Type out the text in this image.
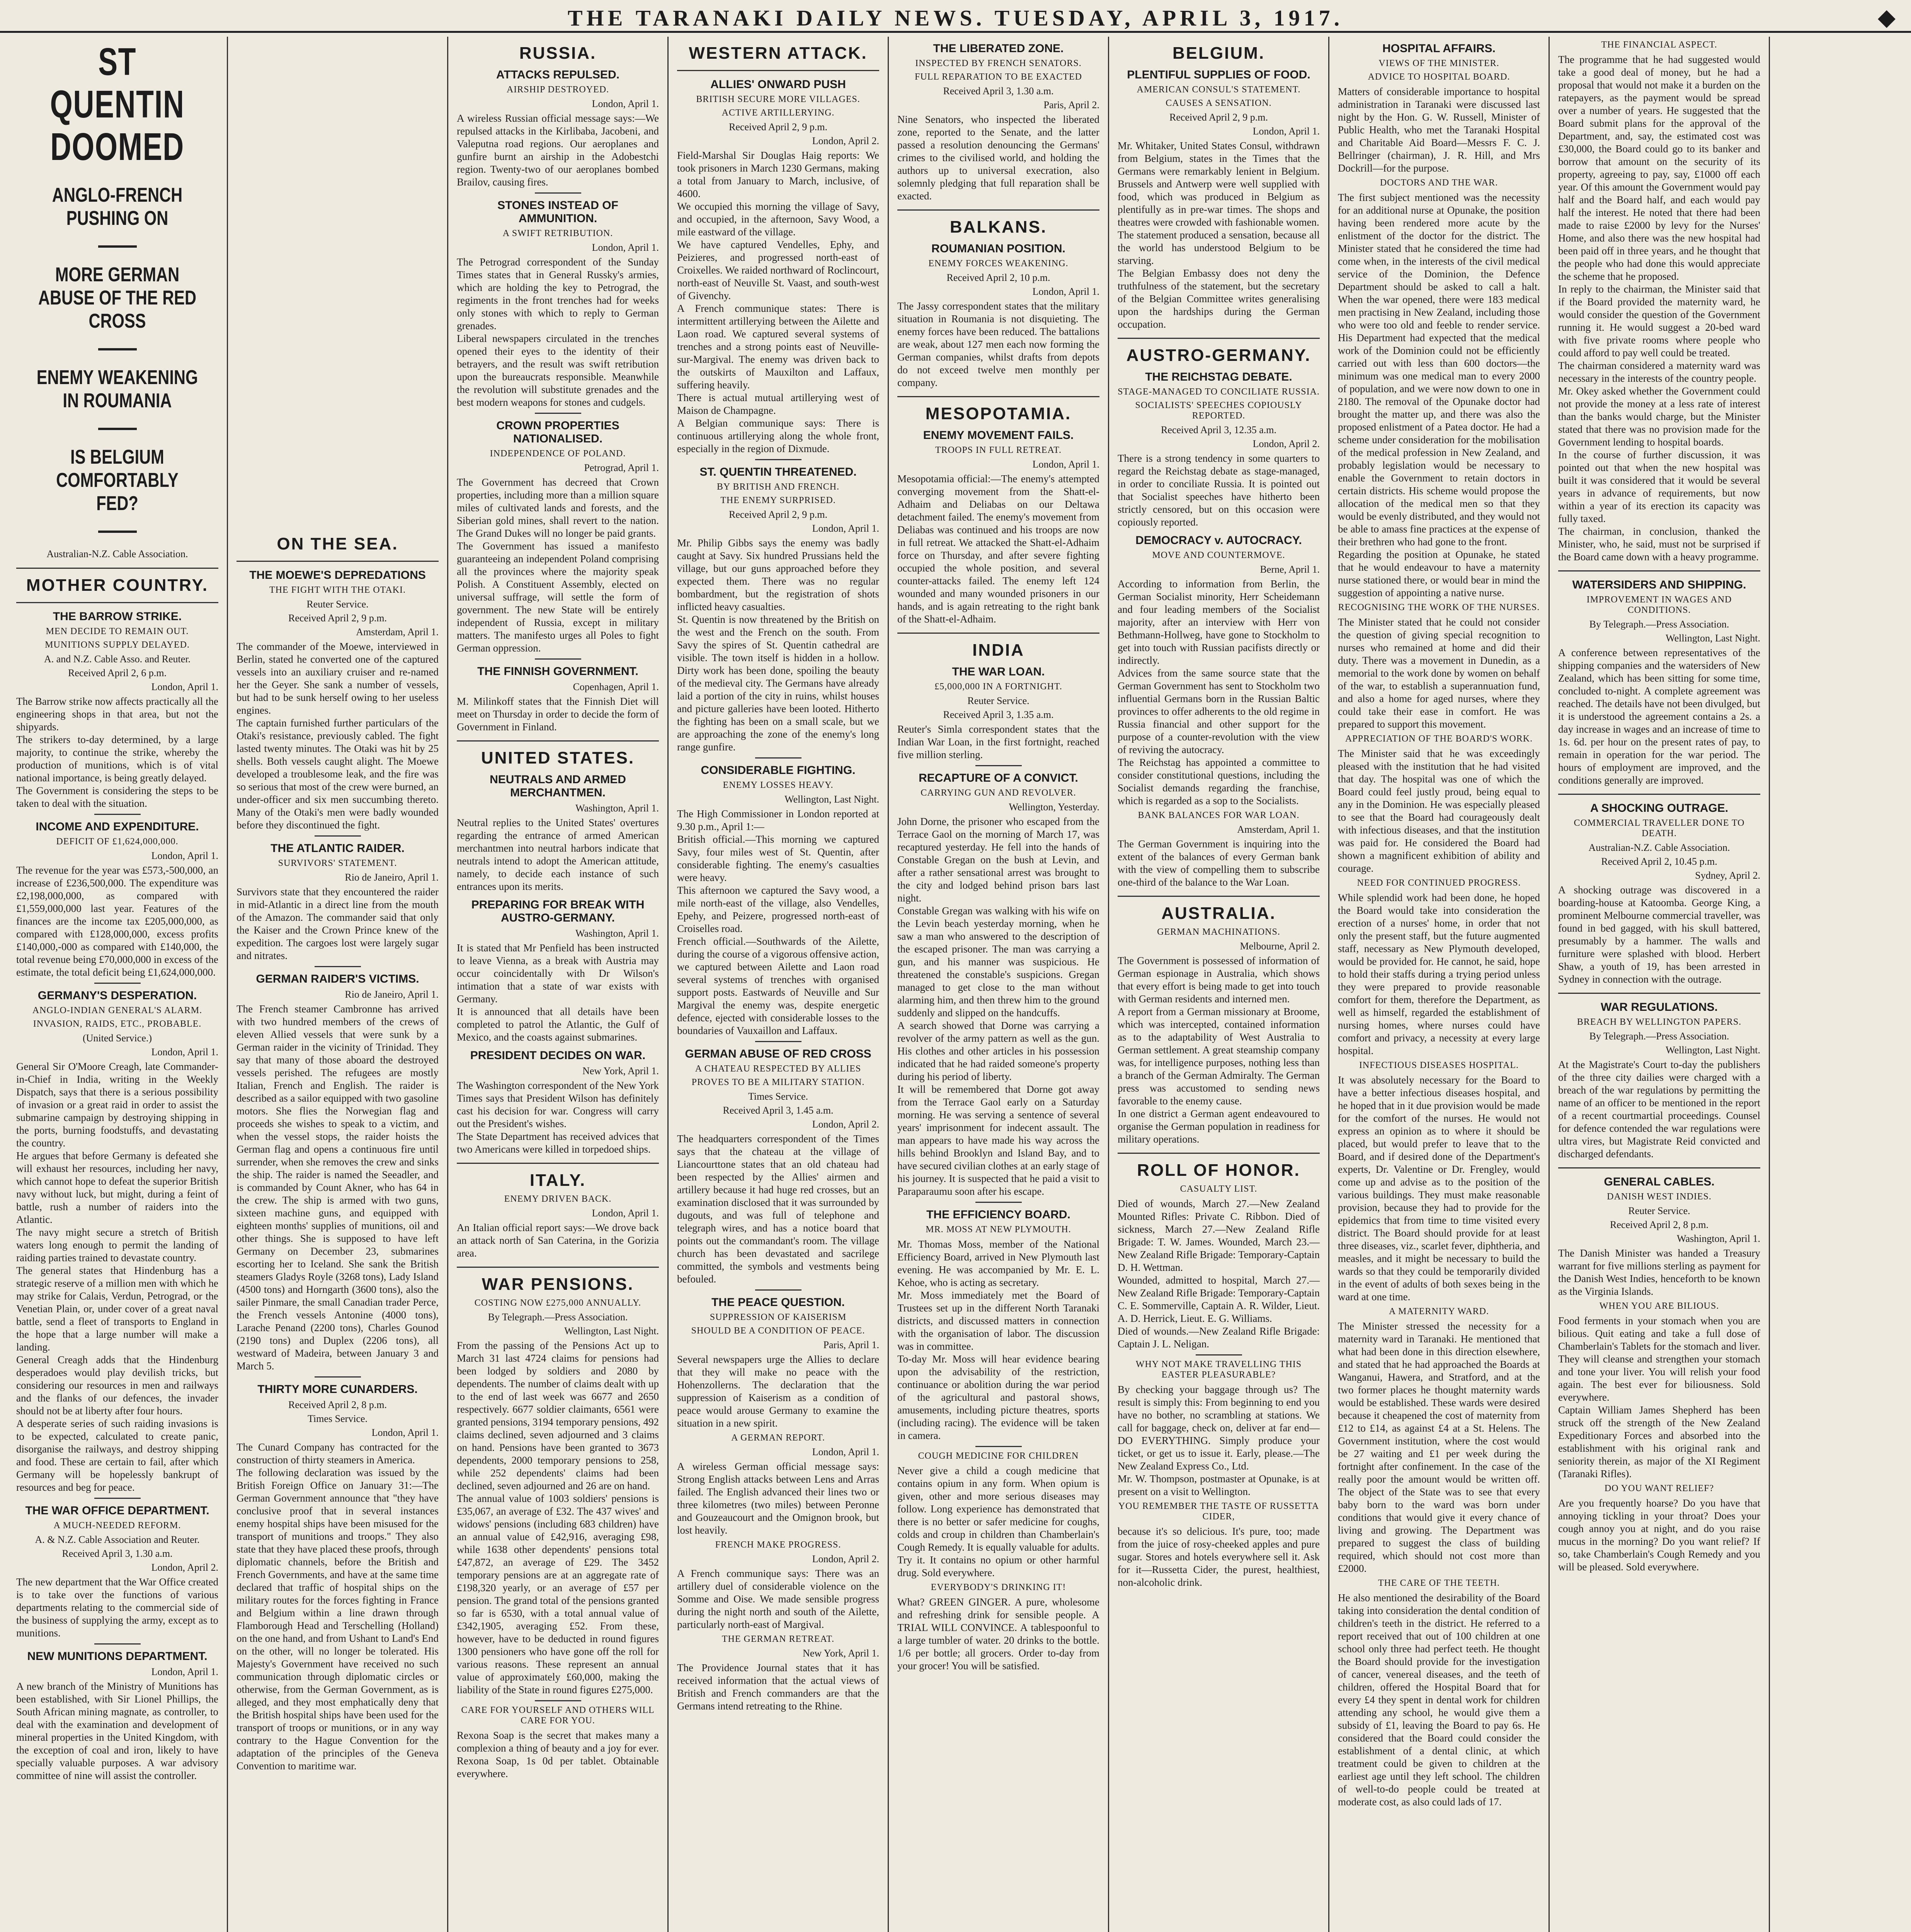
THE TARANAKI DAILY NEWS. TUESDAY, APRIL 3, 1917.	◆
ST QUENTIN DOOMED
ANGLO-FRENCH PUSHING ON
MORE GERMAN ABUSE OF THE RED CROSS
ENEMY WEAKENING IN ROUMANIA
IS BELGIUM COMFORTABLY FED?
Australian-N.Z. Cable Association.
MOTHER COUNTRY.
THE BARROW STRIKE.
MEN DECIDE TO REMAIN OUT.
MUNITIONS SUPPLY DELAYED.
A. and N.Z. Cable Asso. and Reuter.
Received April 2, 6 p.m.
London, April 1.

The Barrow strike now affects practically all the engineering shops in that area, but not the shipyards.
The strikers to-day determined, by a large majority, to continue the strike, whereby the production of munitions, which is of vital national importance, is being greatly delayed.
The Government is considering the steps to be taken to deal with the situation.

INCOME AND EXPENDITURE.
DEFICIT OF £1,624,000,000.
London, April 1.

The revenue for the year was £573,-500,000, an increase of £236,500,000. The expenditure was £2,198,000,000, as compared with £1,559,000,000 last year. Features of the finances are the income tax £205,000,000, as compared with £128,000,000, excess profits £140,000,-000 as compared with £140,000, the total revenue being £70,000,000 in excess of the estimate, the total deficit being £1,624,000,000.

GERMANY'S DESPERATION.
ANGLO-INDIAN GENERAL'S ALARM.
INVASION, RAIDS, ETC., PROBABLE.
(United Service.)
London, April 1.

General Sir O'Moore Creagh, late Commander-in-Chief in India, writing in the Weekly Dispatch, says that there is a serious possibility of invasion or a great raid in order to assist the submarine campaign by destroying shipping in the ports, burning foodstuffs, and devastating the country.
He argues that before Germany is defeated she will exhaust her resources, including her navy, which cannot hope to defeat the superior British navy without luck, but might, during a feint of battle, rush a number of raiders into the Atlantic.
The navy might secure a stretch of British waters long enough to permit the landing of raiding parties trained to devastate country.
The general states that Hindenburg has a strategic reserve of a million men with which he may strike for Calais, Verdun, Petrograd, or the Venetian Plain, or, under cover of a great naval battle, send a fleet of transports to England in the hope that a large number will make a landing.
General Creagh adds that the Hindenburg desperadoes would play devilish tricks, but considering our resources in men and railways and the flanks of our defences, the invader should not be at liberty after four hours.
A desperate series of such raiding invasions is to be expected, calculated to create panic, disorganise the railways, and destroy shipping and food. These are certain to fail, after which Germany will be hopelessly bankrupt of resources and beg for peace.

THE WAR OFFICE DEPARTMENT.
A MUCH-NEEDED REFORM.
A. & N.Z. Cable Association and Reuter.
Received April 3, 1.30 a.m.
London, April 2.

The new department that the War Office created is to take over the functions of various departments relating to the commercial side of the business of supplying the army, except as to munitions.

NEW MUNITIONS DEPARTMENT.
London, April 1.

A new branch of the Ministry of Munitions has been established, with Sir Lionel Phillips, the South African mining magnate, as controller, to deal with the examination and development of mineral properties in the United Kingdom, with the exception of coal and iron, likely to have specially valuable purposes. A war advisory committee of nine will assist the controller.

ON THE SEA.
THE MOEWE'S DEPREDATIONS
THE FIGHT WITH THE OTAKI.
Reuter Service.
Received April 2, 9 p.m.
Amsterdam, April 1.

The commander of the Moewe, interviewed in Berlin, stated he converted one of the captured vessels into an auxiliary cruiser and re-named her the Geyer. She sank a number of vessels, but had to be sunk herself owing to her useless engines.
The captain furnished further particulars of the Otaki's resistance, previously cabled. The fight lasted twenty minutes. The Otaki was hit by 25 shells. Both vessels caught alight. The Moewe developed a troublesome leak, and the fire was so serious that most of the crew were burned, an under-officer and six men succumbing thereto. Many of the Otaki's men were badly wounded before they discontinued the fight.

THE ATLANTIC RAIDER.
SURVIVORS' STATEMENT.
Rio de Janeiro, April 1.

Survivors state that they encountered the raider in mid-Atlantic in a direct line from the mouth of the Amazon. The commander said that only the Kaiser and the Crown Prince knew of the expedition. The cargoes lost were largely sugar and nitrates.

GERMAN RAIDER'S VICTIMS.
Rio de Janeiro, April 1.

The French steamer Cambronne has arrived with two hundred members of the crews of eleven Allied vessels that were sunk by a German raider in the vicinity of Trinidad. They say that many of those aboard the destroyed vessels perished. The refugees are mostly Italian, French and English. The raider is described as a sailor equipped with two gasoline motors. She flies the Norwegian flag and proceeds she wishes to speak to a victim, and when the vessel stops, the raider hoists the German flag and opens a continuous fire until surrender, when she removes the crew and sinks the ship. The raider is named the Seeadler, and is commanded by Count Akner, who has 64 in the crew. The ship is armed with two guns, sixteen machine guns, and equipped with eighteen months' supplies of munitions, oil and other things. She is supposed to have left Germany on December 23, submarines escorting her to Iceland. She sank the British steamers Gladys Royle (3268 tons), Lady Island (4500 tons) and Horngarth (3600 tons), also the sailer Pinmare, the small Canadian trader Perce, the French vessels Antonine (4000 tons), Larache Penand (2200 tons), Charles Gounod (2190 tons) and Duplex (2206 tons), all westward of Madeira, between January 3 and March 5.

THIRTY MORE CUNARDERS.
Received April 2, 8 p.m.
Times Service.
London, April 1.

The Cunard Company has contracted for the construction of thirty steamers in America.
The following declaration was issued by the British Foreign Office on January 31:—The German Government announce that "they have conclusive proof that in several instances enemy hospital ships have been misused for the transport of munitions and troops." They also state that they have placed these proofs, through diplomatic channels, before the British and French Governments, and have at the same time declared that traffic of hospital ships on the military routes for the forces fighting in France and Belgium within a line drawn through Flamborough Head and Terschelling (Holland) on the one hand, and from Ushant to Land's End on the other, will no longer be tolerated. His Majesty's Government have received no such communication through diplomatic circles or otherwise, from the German Government, as is alleged, and they most emphatically deny that the British hospital ships have been used for the transport of troops or munitions, or in any way contrary to the Hague Convention for the adaptation of the principles of the Geneva Convention to maritime war.

RUSSIA.
ATTACKS REPULSED.
AIRSHIP DESTROYED.
London, April 1.

A wireless Russian official message says:—We repulsed attacks in the Kirlibaba, Jacobeni, and Valeputna road regions. Our aeroplanes and gunfire burnt an airship in the Adobestchi region. Twenty-two of our aeroplanes bombed Brailov, causing fires.

STONES INSTEAD OF AMMUNITION.
A SWIFT RETRIBUTION.
London, April 1.

The Petrograd correspondent of the Sunday Times states that in General Russky's armies, which are holding the key to Petrograd, the regiments in the front trenches had for weeks only stones with which to reply to German grenades.
Liberal newspapers circulated in the trenches opened their eyes to the identity of their betrayers, and the result was swift retribution upon the bureaucrats responsible. Meanwhile the revolution will substitute grenades and the best modern weapons for stones and cudgels.

CROWN PROPERTIES NATIONALISED.
INDEPENDENCE OF POLAND.
Petrograd, April 1.

The Government has decreed that Crown properties, including more than a million square miles of cultivated lands and forests, and the Siberian gold mines, shall revert to the nation. The Grand Dukes will no longer be paid grants.
The Government has issued a manifesto guaranteeing an independent Poland comprising all the provinces where the majority speak Polish. A Constituent Assembly, elected on universal suffrage, will settle the form of government. The new State will be entirely independent of Russia, except in military matters. The manifesto urges all Poles to fight German oppression.

THE FINNISH GOVERNMENT.
Copenhagen, April 1.

M. Milinkoff states that the Finnish Diet will meet on Thursday in order to decide the form of Government in Finland.

UNITED STATES.
NEUTRALS AND ARMED MERCHANTMEN.
Washington, April 1.

Neutral replies to the United States' overtures regarding the entrance of armed American merchantmen into neutral harbors indicate that neutrals intend to adopt the American attitude, namely, to decide each instance of such entrances upon its merits.

PREPARING FOR BREAK WITH AUSTRO-GERMANY.
Washington, April 1.

It is stated that Mr Penfield has been instructed to leave Vienna, as a break with Austria may occur coincidentally with Dr Wilson's intimation that a state of war exists with Germany.
It is announced that all details have been completed to patrol the Atlantic, the Gulf of Mexico, and the coasts against submarines.

PRESIDENT DECIDES ON WAR.
New York, April 1.

The Washington correspondent of the New York Times says that President Wilson has definitely cast his decision for war. Congress will carry out the President's wishes.
The State Department has received advices that two Americans were killed in torpedoed ships.

ITALY.
ENEMY DRIVEN BACK.
London, April 1.

An Italian official report says:—We drove back an attack north of San Caterina, in the Gorizia area.

WAR PENSIONS.
COSTING NOW £275,000 ANNUALLY.
By Telegraph.—Press Association.
Wellington, Last Night.

From the passing of the Pensions Act up to March 31 last 4724 claims for pensions had been lodged by soldiers and 2080 by dependents. The number of claims dealt with up to the end of last week was 6677 and 2650 respectively. 6677 soldier claimants, 6561 were granted pensions, 3194 temporary pensions, 492 claims declined, seven adjourned and 3 claims on hand. Pensions have been granted to 3673 dependents, 2000 temporary pensions to 258, while 252 dependents' claims had been declined, seven adjourned and 26 are on hand.
The annual value of 1003 soldiers' pensions is £35,067, an average of £32. The 437 wives' and widows' pensions (including 683 children) have an annual value of £42,916, averaging £98, while 1638 other dependents' pensions total £47,872, an average of £29. The 3452 temporary pensions are at an aggregate rate of £198,320 yearly, or an average of £57 per pension. The grand total of the pensions granted so far is 6530, with a total annual value of £342,1905, averaging £52. From these, however, have to be deducted in round figures 1300 pensioners who have gone off the roll for various reasons. These represent an annual value of approximately £60,000, making the liability of the State in round figures £275,000.

CARE FOR YOURSELF AND OTHERS WILL CARE FOR YOU.

Rexona Soap is the secret that makes many a complexion a thing of beauty and a joy for ever. Rexona Soap, 1s 0d per tablet. Obtainable everywhere.

WESTERN ATTACK.
ALLIES' ONWARD PUSH
BRITISH SECURE MORE VILLAGES.
ACTIVE ARTILLERYING.
Received April 2, 9 p.m.
London, April 2.

Field-Marshal Sir Douglas Haig reports: We took prisoners in March 1230 Germans, making a total from January to March, inclusive, of 4600.
We occupied this morning the village of Savy, and occupied, in the afternoon, Savy Wood, a mile eastward of the village.
We have captured Vendelles, Ephy, and Peizieres, and progressed north-east of Croixelles. We raided northward of Roclincourt, north-east of Neuville St. Vaast, and south-west of Givenchy.
A French communique states: There is intermittent artillerying between the Ailette and Laon road. We captured several systems of trenches and a strong points east of Neuville-sur-Margival. The enemy was driven back to the outskirts of Mauxilton and Laffaux, suffering heavily.
There is actual mutual artillerying west of Maison de Champagne.
A Belgian communique says: There is continuous artillerying along the whole front, especially in the region of Dixmude.

ST. QUENTIN THREATENED.
BY BRITISH AND FRENCH.
THE ENEMY SURPRISED.
Received April 2, 9 p.m.
London, April 1.

Mr. Philip Gibbs says the enemy was badly caught at Savy. Six hundred Prussians held the village, but our guns approached before they expected them. There was no regular bombardment, but the registration of shots inflicted heavy casualties.
St. Quentin is now threatened by the British on the west and the French on the south. From Savy the spires of St. Quentin cathedral are visible. The town itself is hidden in a hollow. Dirty work has been done, spoiling the beauty of the medieval city. The Germans have already laid a portion of the city in ruins, whilst houses and picture galleries have been looted. Hitherto the fighting has been on a small scale, but we are approaching the zone of the enemy's long range gunfire.

CONSIDERABLE FIGHTING.
ENEMY LOSSES HEAVY.
Wellington, Last Night.

The High Commissioner in London reported at 9.30 p.m., April 1:—
British official.—This morning we captured Savy, four miles west of St. Quentin, after considerable fighting. The enemy's casualties were heavy.
This afternoon we captured the Savy wood, a mile north-east of the village, also Vendelles, Epehy, and Peizere, progressed north-east of Croiselles road.
French official.—Southwards of the Ailette, during the course of a vigorous offensive action, we captured between Ailette and Laon road several systems of trenches with organised support posts. Eastwards of Neuville and Sur Margival the enemy was, despite energetic defence, ejected with considerable losses to the boundaries of Vauxaillon and Laffaux.

GERMAN ABUSE OF RED CROSS
A CHATEAU RESPECTED BY ALLIES
PROVES TO BE A MILITARY STATION.
Times Service.
Received April 3, 1.45 a.m.
London, April 2.

The headquarters correspondent of the Times says that the chateau at the village of Liancourttone states that an old chateau had been respected by the Allies' airmen and artillery because it had huge red crosses, but an examination disclosed that it was surrounded by dugouts, and was full of telephone and telegraph wires, and has a notice board that points out the commandant's room. The village church has been devastated and sacrilege committed, the symbols and vestments being befouled.

THE PEACE QUESTION.
SUPPRESSION OF KAISERISM
SHOULD BE A CONDITION OF PEACE.
Paris, April 1.

Several newspapers urge the Allies to declare that they will make no peace with the Hohenzollerns. The declaration that the suppression of Kaiserism as a condition of peace would arouse Germany to examine the situation in a new spirit.

A GERMAN REPORT.
London, April 1.

A wireless German official message says: Strong English attacks between Lens and Arras failed. The English advanced their lines two or three kilometres (two miles) between Peronne and Gouzeaucourt and the Omignon brook, but lost heavily.

FRENCH MAKE PROGRESS.
London, April 2.

A French communique says: There was an artillery duel of considerable violence on the Somme and Oise. We made sensible progress during the night north and south of the Ailette, particularly north-east of Margival.

THE GERMAN RETREAT.
New York, April 1.

The Providence Journal states that it has received information that the actual views of British and French commanders are that the Germans intend retreating to the Rhine.

THE LIBERATED ZONE.
INSPECTED BY FRENCH SENATORS.
FULL REPARATION TO BE EXACTED
Received April 3, 1.30 a.m.
Paris, April 2.

Nine Senators, who inspected the liberated zone, reported to the Senate, and the latter passed a resolution denouncing the Germans' crimes to the civilised world, and holding the authors up to universal execration, also solemnly pledging that full reparation shall be exacted.

BALKANS.
ROUMANIAN POSITION.
ENEMY FORCES WEAKENING.
Received April 2, 10 p.m.
London, April 1.

The Jassy correspondent states that the military situation in Roumania is not disquieting. The enemy forces have been reduced. The battalions are weak, about 127 men each now forming the German companies, whilst drafts from depots do not exceed twelve men monthly per company.

MESOPOTAMIA.
ENEMY MOVEMENT FAILS.
TROOPS IN FULL RETREAT.
London, April 1.

Mesopotamia official:—The enemy's attempted converging movement from the Shatt-el-Adhaim and Deliabas on our Deltawa detachment failed. The enemy's movement from Deliabas was continued and his troops are now in full retreat. We attacked the Shatt-el-Adhaim force on Thursday, and after severe fighting occupied the whole position, and several counter-attacks failed. The enemy left 124 wounded and many wounded prisoners in our hands, and is again retreating to the right bank of the Shatt-el-Adhaim.

INDIA
THE WAR LOAN.
£5,000,000 IN A FORTNIGHT.
Reuter Service.
Received April 3, 1.35 a.m.

Reuter's Simla correspondent states that the Indian War Loan, in the first fortnight, reached five million sterling.

RECAPTURE OF A CONVICT.
CARRYING GUN AND REVOLVER.
Wellington, Yesterday.

John Dorne, the prisoner who escaped from the Terrace Gaol on the morning of March 17, was recaptured yesterday. He fell into the hands of Constable Gregan on the bush at Levin, and after a rather sensational arrest was brought to the city and lodged behind prison bars last night.
Constable Gregan was walking with his wife on the Levin beach yesterday morning, when he saw a man who answered to the description of the escaped prisoner. The man was carrying a gun, and his manner was suspicious. He threatened the constable's suspicions. Gregan managed to get close to the man without alarming him, and then threw him to the ground suddenly and slipped on the handcuffs.
A search showed that Dorne was carrying a revolver of the army pattern as well as the gun. His clothes and other articles in his possession indicated that he had raided someone's property during his period of liberty.
It will be remembered that Dorne got away from the Terrace Gaol early on a Saturday morning. He was serving a sentence of several years' imprisonment for indecent assault. The man appears to have made his way across the hills behind Brooklyn and Island Bay, and to have secured civilian clothes at an early stage of his journey. It is suspected that he paid a visit to Paraparaumu soon after his escape.

THE EFFICIENCY BOARD.
MR. MOSS AT NEW PLYMOUTH.

Mr. Thomas Moss, member of the National Efficiency Board, arrived in New Plymouth last evening. He was accompanied by Mr. E. L. Kehoe, who is acting as secretary.
Mr. Moss immediately met the Board of Trustees set up in the different North Taranaki districts, and discussed matters in connection with the organisation of labor. The discussion was in committee.
To-day Mr. Moss will hear evidence bearing upon the advisability of the restriction, continuance or abolition during the war period of the agricultural and pastoral shows, amusements, including picture theatres, sports (including racing). The evidence will be taken in camera.

COUGH MEDICINE FOR CHILDREN

Never give a child a cough medicine that contains opium in any form. When opium is given, other and more serious diseases may follow. Long experience has demonstrated that there is no better or safer medicine for coughs, colds and croup in children than Chamberlain's Cough Remedy. It is equally valuable for adults. Try it. It contains no opium or other harmful drug. Sold everywhere.

EVERYBODY'S DRINKING IT!

What? GREEN GINGER. A pure, wholesome and refreshing drink for sensible people. A TRIAL WILL CONVINCE. A tablespoonful to a large tumbler of water. 20 drinks to the bottle. 1/6 per bottle; all grocers. Order to-day from your grocer! You will be satisfied.

BELGIUM.
PLENTIFUL SUPPLIES OF FOOD.
AMERICAN CONSUL'S STATEMENT.
CAUSES A SENSATION.
Received April 2, 9 p.m.
London, April 1.

Mr. Whitaker, United States Consul, withdrawn from Belgium, states in the Times that the Germans were remarkably lenient in Belgium. Brussels and Antwerp were well supplied with food, which was produced in Belgium as plentifully as in pre-war times. The shops and theatres were crowded with fashionable women.
The statement produced a sensation, because all the world has understood Belgium to be starving.
The Belgian Embassy does not deny the truthfulness of the statement, but the secretary of the Belgian Committee writes generalising upon the hardships during the German occupation.

AUSTRO-GERMANY.
THE REICHSTAG DEBATE.
STAGE-MANAGED TO CONCILIATE RUSSIA.
SOCIALISTS' SPEECHES COPIOUSLY REPORTED.
Received April 3, 12.35 a.m.
London, April 2.

There is a strong tendency in some quarters to regard the Reichstag debate as stage-managed, in order to conciliate Russia. It is pointed out that Socialist speeches have hitherto been strictly censored, but on this occasion were copiously reported.

DEMOCRACY v. AUTOCRACY.
MOVE AND COUNTERMOVE.
Berne, April 1.

According to information from Berlin, the German Socialist minority, Herr Scheidemann and four leading members of the Socialist majority, after an interview with Herr von Bethmann-Hollweg, have gone to Stockholm to get into touch with Russian pacifists directly or indirectly.
Advices from the same source state that the German Government has sent to Stockholm two influential Germans born in the Russian Baltic provinces to offer adherents to the old regime in Russia financial and other support for the purpose of a counter-revolution with the view of reviving the autocracy.
The Reichstag has appointed a committee to consider constitutional questions, including the Socialist demands regarding the franchise, which is regarded as a sop to the Socialists.

BANK BALANCES FOR WAR LOAN.
Amsterdam, April 1.

The German Government is inquiring into the extent of the balances of every German bank with the view of compelling them to subscribe one-third of the balance to the War Loan.

AUSTRALIA.
GERMAN MACHINATIONS.
Melbourne, April 2.

The Government is possessed of information of German espionage in Australia, which shows that every effort is being made to get into touch with German residents and interned men.
A report from a German missionary at Broome, which was intercepted, contained information as to the adaptability of West Australia to German settlement. A great steamship company was, for intelligence purposes, nothing less than a branch of the German Admiralty. The German press was accustomed to sending news favorable to the enemy cause.
In one district a German agent endeavoured to organise the German population in readiness for military operations.

ROLL OF HONOR.
CASUALTY LIST.

Died of wounds, March 27.—New Zealand Mounted Rifles: Private C. Ribbon. Died of sickness, March 27.—New Zealand Rifle Brigade: T. W. James. Wounded, March 23.—New Zealand Rifle Brigade: Temporary-Captain D. H. Wettman.
Wounded, admitted to hospital, March 27.—New Zealand Rifle Brigade: Temporary-Captain C. E. Sommerville, Captain A. R. Wilder, Lieut. A. D. Herrick, Lieut. E. G. Williams.
Died of wounds.—New Zealand Rifle Brigade: Captain J. L. Neligan.

WHY NOT MAKE TRAVELLING THIS EASTER PLEASURABLE?

By checking your baggage through us? The result is simply this: From beginning to end you have no bother, no scrambling at stations. We call for baggage, check on, deliver at far end—DO EVERYTHING. Simply produce your ticket, or get us to issue it. Early, please.—The New Zealand Express Co., Ltd.
Mr. W. Thompson, postmaster at Opunake, is at present on a visit to Wellington.

YOU REMEMBER THE TASTE OF RUSSETTA CIDER,

because it's so delicious. It's pure, too; made from the juice of rosy-cheeked apples and pure sugar. Stores and hotels everywhere sell it. Ask for it—Russetta Cider, the purest, healthiest, non-alcoholic drink.

HOSPITAL AFFAIRS.
VIEWS OF THE MINISTER.
ADVICE TO HOSPITAL BOARD.

Matters of considerable importance to hospital administration in Taranaki were discussed last night by the Hon. G. W. Russell, Minister of Public Health, who met the Taranaki Hospital and Charitable Aid Board—Messrs F. C. J. Bellringer (chairman), J. R. Hill, and Mrs Dockrill—for the purpose.

DOCTORS AND THE WAR.

The first subject mentioned was the necessity for an additional nurse at Opunake, the position having been rendered more acute by the enlistment of the doctor for the district. The Minister stated that he considered the time had come when, in the interests of the civil medical service of the Dominion, the Defence Department should be asked to call a halt. When the war opened, there were 183 medical men practising in New Zealand, including those who were too old and feeble to render service. His Department had expected that the medical work of the Dominion could not be efficiently carried out with less than 600 doctors—the minimum was one medical man to every 2000 of population, and we were now down to one in 2180. The removal of the Opunake doctor had brought the matter up, and there was also the proposed enlistment of a Patea doctor. He had a scheme under consideration for the mobilisation of the medical profession in New Zealand, and probably legislation would be necessary to enable the Government to retain doctors in certain districts. His scheme would propose the allocation of the medical men so that they would be evenly distributed, and they would not be able to amass fine practices at the expense of their brethren who had gone to the front.
Regarding the position at Opunake, he stated that he would endeavour to have a maternity nurse stationed there, or would bear in mind the suggestion of appointing a native nurse.

RECOGNISING THE WORK OF THE NURSES.

The Minister stated that he could not consider the question of giving special recognition to nurses who remained at home and did their duty. There was a movement in Dunedin, as a memorial to the work done by women on behalf of the war, to establish a superannuation fund, and also a home for aged nurses, where they could take their ease in comfort. He was prepared to support this movement.

APPRECIATION OF THE BOARD'S WORK.

The Minister said that he was exceedingly pleased with the institution that he had visited that day. The hospital was one of which the Board could feel justly proud, being equal to any in the Dominion. He was especially pleased to see that the Board had courageously dealt with infectious diseases, and that the institution was paid for. He considered the Board had shown a magnificent exhibition of ability and courage.

NEED FOR CONTINUED PROGRESS.

While splendid work had been done, he hoped the Board would take into consideration the erection of a nurses' home, in order that not only the present staff, but the future augmented staff, necessary as New Plymouth developed, would be provided for. He cannot, he said, hope to hold their staffs during a trying period unless they were prepared to provide reasonable comfort for them, therefore the Department, as well as himself, regarded the establishment of nursing homes, where nurses could have comfort and privacy, a necessity at every large hospital.

INFECTIOUS DISEASES HOSPITAL.

It was absolutely necessary for the Board to have a better infectious diseases hospital, and he hoped that in it due provision would be made for the comfort of the nurses. He would not express an opinion as to where it should be placed, but would prefer to leave that to the Board, and if desired done of the Department's experts, Dr. Valentine or Dr. Frengley, would come up and advise as to the position of the various buildings. They must make reasonable provision, because they had to provide for the epidemics that from time to time visited every district. The Board should provide for at least three diseases, viz., scarlet fever, diphtheria, and measles, and it might be necessary to build the wards so that they could be temporarily divided in the event of adults of both sexes being in the ward at one time.

A MATERNITY WARD.

The Minister stressed the necessity for a maternity ward in Taranaki. He mentioned that what had been done in this direction elsewhere, and stated that he had approached the Boards at Wanganui, Hawera, and Stratford, and at the two former places he thought maternity wards would be established. These wards were desired because it cheapened the cost of maternity from £12 to £14, as against £4 at a St. Helens. The Government institution, where the cost would be 27 waiting and £1 per week during the fortnight after confinement. In the case of the really poor the amount would be written off. The object of the State was to see that every baby born to the ward was born under conditions that would give it every chance of living and growing. The Department was prepared to suggest the class of building required, which should not cost more than £2000.

THE CARE OF THE TEETH.

He also mentioned the desirability of the Board taking into consideration the dental condition of children's teeth in the district. He referred to a report received that out of 100 children at one school only three had perfect teeth. He thought the Board should provide for the investigation of cancer, venereal diseases, and the teeth of children, offered the Hospital Board that for every £4 they spent in dental work for children attending any school, he would give them a subsidy of £1, leaving the Board to pay 6s. He considered that the Board could consider the establishment of a dental clinic, at which treatment could be given to children at the earliest age until they left school. The children of well-to-do people could be treated at moderate cost, as also could lads of 17.

THE FINANCIAL ASPECT.

The programme that he had suggested would take a good deal of money, but he had a proposal that would not make it a burden on the ratepayers, as the payment would be spread over a number of years. He suggested that the Board submit plans for the approval of the Department, and, say, the estimated cost was £30,000, the Board could go to its banker and borrow that amount on the security of its property, agreeing to pay, say, £1000 off each year. Of this amount the Government would pay half and the Board half, and each would pay half the interest. He noted that there had been made to raise £2000 by levy for the Nurses' Home, and also there was the new hospital had been paid off in three years, and he thought that the people who had done this would appreciate the scheme that he proposed.
In reply to the chairman, the Minister said that if the Board provided the maternity ward, he would consider the question of the Government running it. He would suggest a 20-bed ward with five private rooms where people who could afford to pay well could be treated.
The chairman considered a maternity ward was necessary in the interests of the country people.
Mr. Okey asked whether the Government could not provide the money at a less rate of interest than the banks would charge, but the Minister stated that there was no provision made for the Government lending to hospital boards.
In the course of further discussion, it was pointed out that when the new hospital was built it was considered that it would be several years in advance of requirements, but now within a year of its erection its capacity was fully taxed.
The chairman, in conclusion, thanked the Minister, who, he said, must not be surprised if the Board came down with a heavy programme.

WATERSIDERS AND SHIPPING.
IMPROVEMENT IN WAGES AND CONDITIONS.
By Telegraph.—Press Association.
Wellington, Last Night.

A conference between representatives of the shipping companies and the watersiders of New Zealand, which has been sitting for some time, concluded to-night. A complete agreement was reached. The details have not been divulged, but it is understood the agreement contains a 2s. a day increase in wages and an increase of time to 1s. 6d. per hour on the present rates of pay, to remain in operation for the war period. The hours of employment are improved, and the conditions generally are improved.

A SHOCKING OUTRAGE.
COMMERCIAL TRAVELLER DONE TO DEATH.
Australian-N.Z. Cable Association.
Received April 2, 10.45 p.m.
Sydney, April 2.

A shocking outrage was discovered in a boarding-house at Katoomba. George King, a prominent Melbourne commercial traveller, was found in bed gagged, with his skull battered, presumably by a hammer. The walls and furniture were splashed with blood. Herbert Shaw, a youth of 19, has been arrested in Sydney in connection with the outrage.

WAR REGULATIONS.
BREACH BY WELLINGTON PAPERS.
By Telegraph.—Press Association.
Wellington, Last Night.

At the Magistrate's Court to-day the publishers of the three city dailies were charged with a breach of the war regulations by permitting the name of an officer to be mentioned in the report of a recent courtmartial proceedings. Counsel for defence contended the war regulations were ultra vires, but Magistrate Reid convicted and discharged defendants.

GENERAL CABLES.
DANISH WEST INDIES.
Reuter Service.
Received April 2, 8 p.m.
Washington, April 1.

The Danish Minister was handed a Treasury warrant for five millions sterling as payment for the Danish West Indies, henceforth to be known as the Virginia Islands.

WHEN YOU ARE BILIOUS.

Food ferments in your stomach when you are bilious. Quit eating and take a full dose of Chamberlain's Tablets for the stomach and liver. They will cleanse and strengthen your stomach and tone your liver. You will relish your food again. The best ever for biliousness. Sold everywhere.

Captain William James Shepherd has been struck off the strength of the New Zealand Expeditionary Forces and absorbed into the establishment with his original rank and seniority therein, as major of the XI Regiment (Taranaki Rifles).

DO YOU WANT RELIEF?

Are you frequently hoarse? Do you have that annoying tickling in your throat? Does your cough annoy you at night, and do you raise mucus in the morning? Do you want relief? If so, take Chamberlain's Cough Remedy and you will be pleased. Sold everywhere.
